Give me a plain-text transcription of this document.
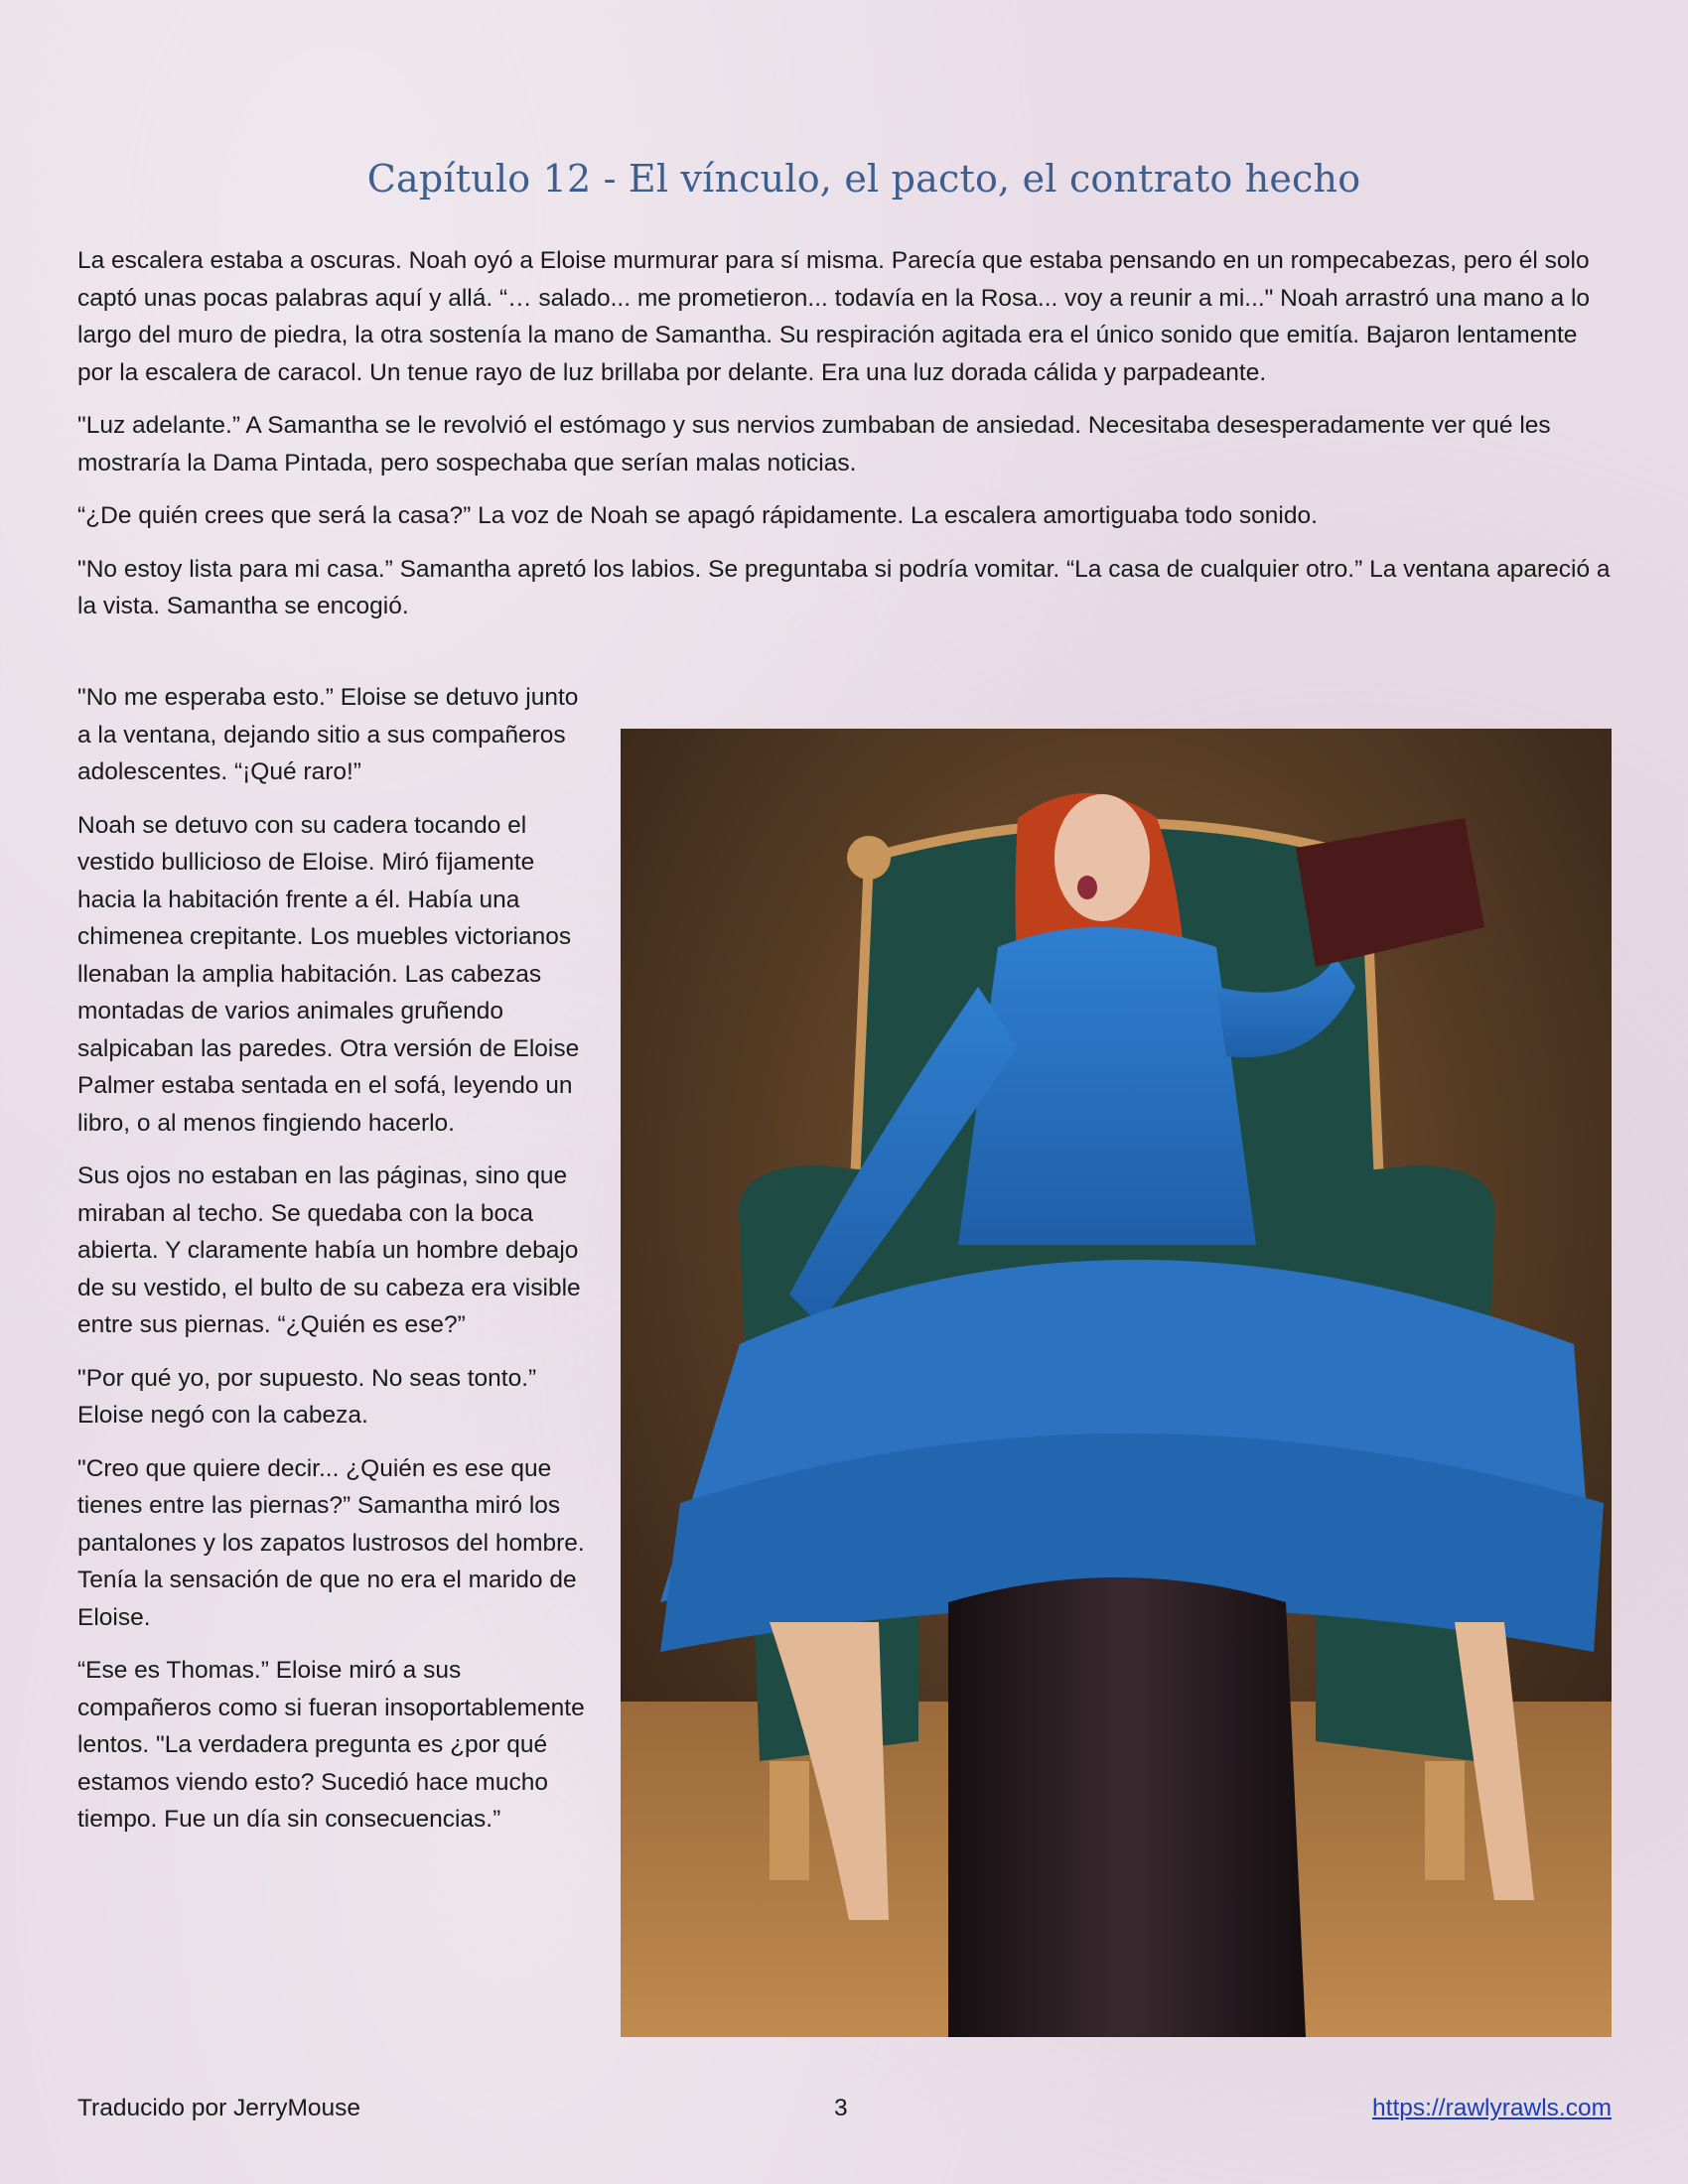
Capítulo 12 - El vínculo, el pacto, el contrato hecho

La escalera estaba a oscuras. Noah oyó a Eloise murmurar para sí misma. Parecía que estaba pensando en un rompecabezas, pero él solo captó unas pocas palabras aquí y allá. “… salado... me prometieron... todavía en la Rosa... voy a reunir a mi..." Noah arrastró una mano a lo largo del muro de piedra, la otra sostenía la mano de Samantha. Su respiración agitada era el único sonido que emitía. Bajaron lentamente por la escalera de caracol. Un tenue rayo de luz brillaba por delante. Era una luz dorada cálida y parpadeante.

"Luz adelante.” A Samantha se le revolvió el estómago y sus nervios zumbaban de ansiedad. Necesitaba desesperadamente ver qué les mostraría la Dama Pintada, pero sospechaba que serían malas noticias.

“¿De quién crees que será la casa?” La voz de Noah se apagó rápidamente. La escalera amortiguaba todo sonido.

"No estoy lista para mi casa.” Samantha apretó los labios. Se preguntaba si podría vomitar. “La casa de cualquier otro.” La ventana apareció a la vista. Samantha se encogió.

"No me esperaba esto.” Eloise se detuvo junto a la ventana, dejando sitio a sus compañeros adolescentes. “¡Qué raro!”

Noah se detuvo con su cadera tocando el vestido bullicioso de Eloise. Miró fijamente hacia la habitación frente a él. Había una chimenea crepitante. Los muebles victorianos llenaban la amplia habitación. Las cabezas montadas de varios animales gruñendo salpicaban las paredes. Otra versión de Eloise Palmer estaba sentada en el sofá, leyendo un libro, o al menos fingiendo hacerlo.

Sus ojos no estaban en las páginas, sino que miraban al techo. Se quedaba con la boca abierta. Y claramente había un hombre debajo de su vestido, el bulto de su cabeza era visible entre sus piernas. “¿Quién es ese?”

"Por qué yo, por supuesto. No seas tonto.” Eloise negó con la cabeza.

"Creo que quiere decir... ¿Quién es ese que tienes entre las piernas?” Samantha miró los pantalones y los zapatos lustrosos del hombre. Tenía la sensación de que no era el marido de Eloise.

“Ese es Thomas.” Eloise miró a sus compañeros como si fueran insoportablemente lentos. "La verdadera pregunta es ¿por qué estamos viendo esto? Sucedió hace mucho tiempo. Fue un día sin consecuencias.”

Traducido por JerryMouse	3	https://rawlyrawls.com
